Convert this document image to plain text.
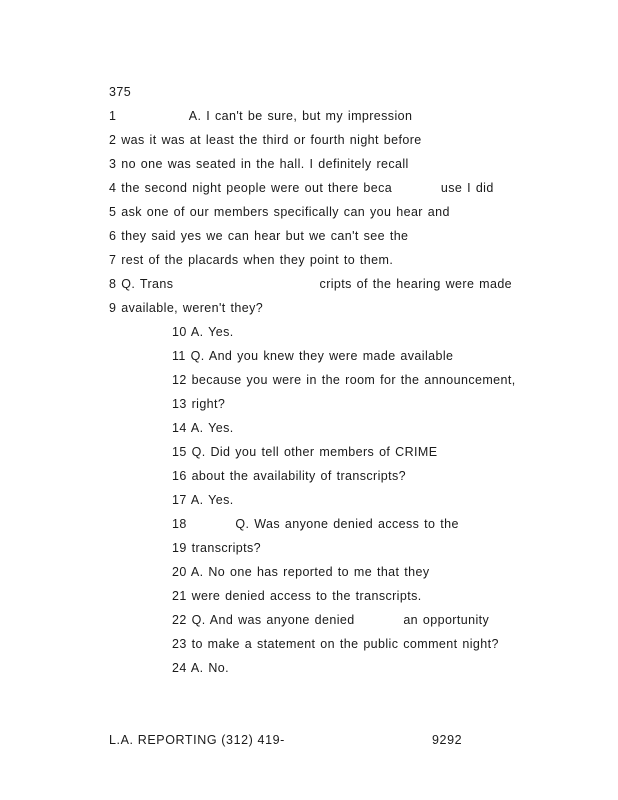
375
1               A. I can't be sure, but my impression
2 was it was at least the third or fourth night before
3 no one was seated in the hall. I definitely recall
4 the second night people were out there beca          use I did
5 ask one of our members specifically can you hear and
6 they said yes we can hear but we can't see the
7 rest of the placards when they point to them.
8 Q. Trans                              cripts of the hearing were made
9 available, weren't they?
10 A. Yes.
11 Q. And you knew they were made available
12 because you were in the room for the announcement,
13 right?
14 A. Yes.
15 Q. Did you tell other members of CRIME
16 about the availability of transcripts?
17 A. Yes.
18          Q. Was anyone denied access to the
19 transcripts?
20 A. No one has reported to me that they
21 were denied access to the transcripts.
22 Q. And was anyone denied          an opportunity
23 to make a statement on the public comment night?
24 A. No.
L.A. REPORTING (312) 419-	9292
